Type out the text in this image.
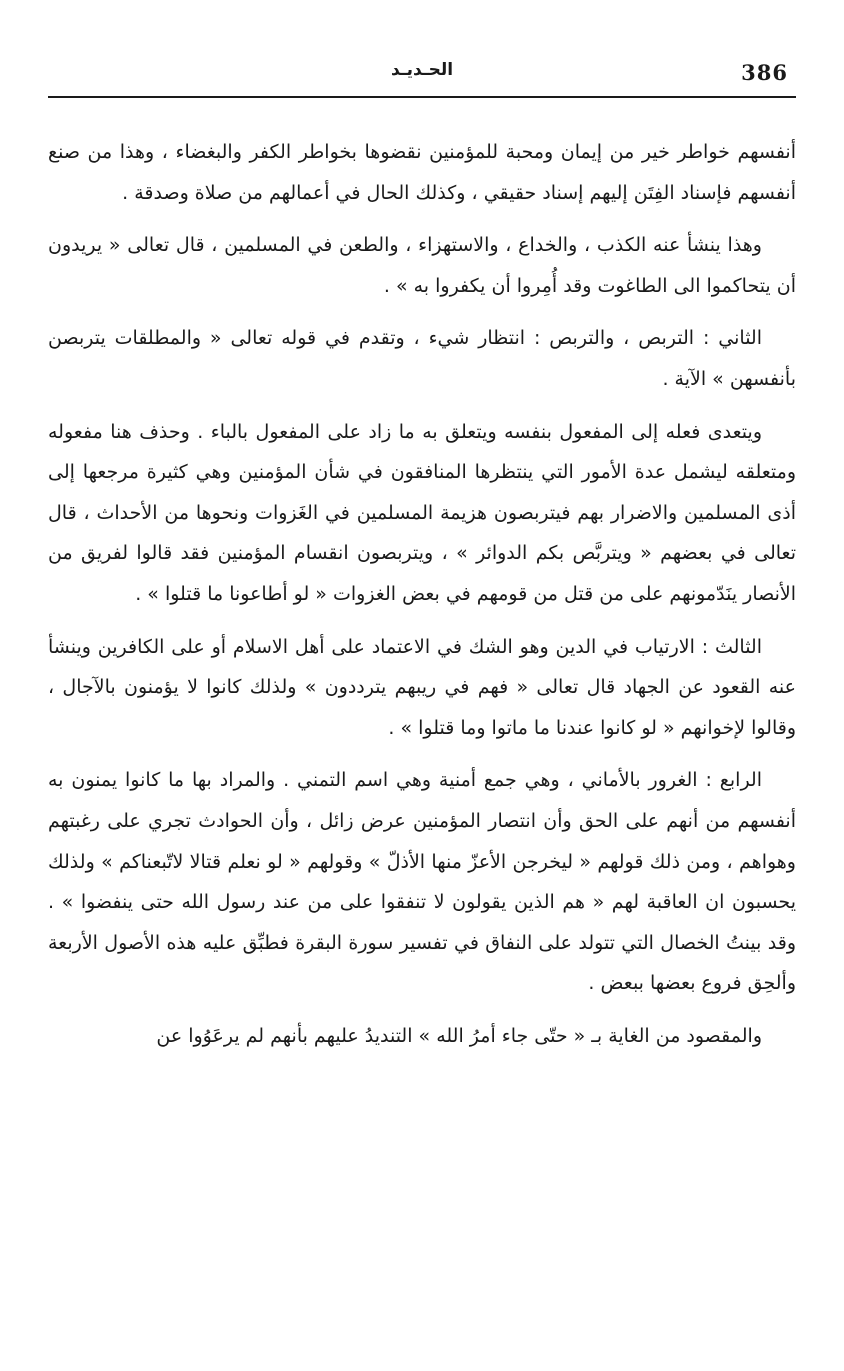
386
الحـديـد

أنفسهم خواطر خير من إيمان ومحبة للمؤمنين نقضوها بخواطر الكفر والبغضاء ، وهذا من صنع أنفسهم فإسناد الفِتَن إليهم إسناد حقيقي ، وكذلك الحال في أعمالهم من صلاة وصدقة .

وهذا ينشأ عنه الكذب ، والخداع ، والاستهزاء ، والطعن في المسلمين ، قال تعالى « يريدون أن يتحاكموا الى الطاغوت وقد أُمِروا أن يكفروا به » .

الثاني : التربص ، والتربص : انتظار شيء ، وتقدم في قوله تعالى « والمطلقات يتربصن بأنفسهن » الآية .

ويتعدى فعله إلى المفعول بنفسه ويتعلق به ما زاد على المفعول بالباء . وحذف هنا مفعوله ومتعلقه ليشمل عدة الأمور التي ينتظرها المنافقون في شأن المؤمنين وهي كثيرة مرجعها إلى أذى المسلمين والاضرار بهم فيتربصون هزيمة المسلمين في الغَزوات ونحوها من الأحداث ، قال تعالى في بعضهم « ويتربَّص بكم الدوائر » ، ويتربصون انقسام المؤمنين فقد قالوا لفريق من الأنصار ينَدّمونهم على من قتل من قومهم في بعض الغزوات « لو أطاعونا ما قتلوا » .

الثالث : الارتياب في الدين وهو الشك في الاعتماد على أهل الاسلام أو على الكافرين وينشأ عنه القعود عن الجهاد قال تعالى « فهم في ريبهم يترددون » ولذلك كانوا لا يؤمنون بالآجال ، وقالوا لإخوانهم « لو كانوا عندنا ما ماتوا وما قتلوا » .

الرابع : الغرور بالأماني ، وهي جمع أمنية وهي اسم التمني . والمراد بها ما كانوا يمنون به أنفسهم من أنهم على الحق وأن انتصار المؤمنين عرض زائل ، وأن الحوادث تجري على رغبتهم وهواهم ، ومن ذلك قولهم « ليخرجن الأعزّ منها الأذلّ » وقولهم « لو نعلم قتالا لاتّبعناكم » ولذلك يحسبون ان العاقبة لهم « هم الذين يقولون لا تنفقوا على من عند رسول الله حتى ينفضوا » . وقد بينتُ الخصال التي تتولد على النفاق في تفسير سورة البقرة فطبِّق عليه هذه الأصول الأربعة وألحِق فروع بعضها ببعض .

والمقصود من الغاية بـ « حتّى جاء أمرُ الله » التنديدُ عليهم بأنهم لم يرعَوُوا عن
